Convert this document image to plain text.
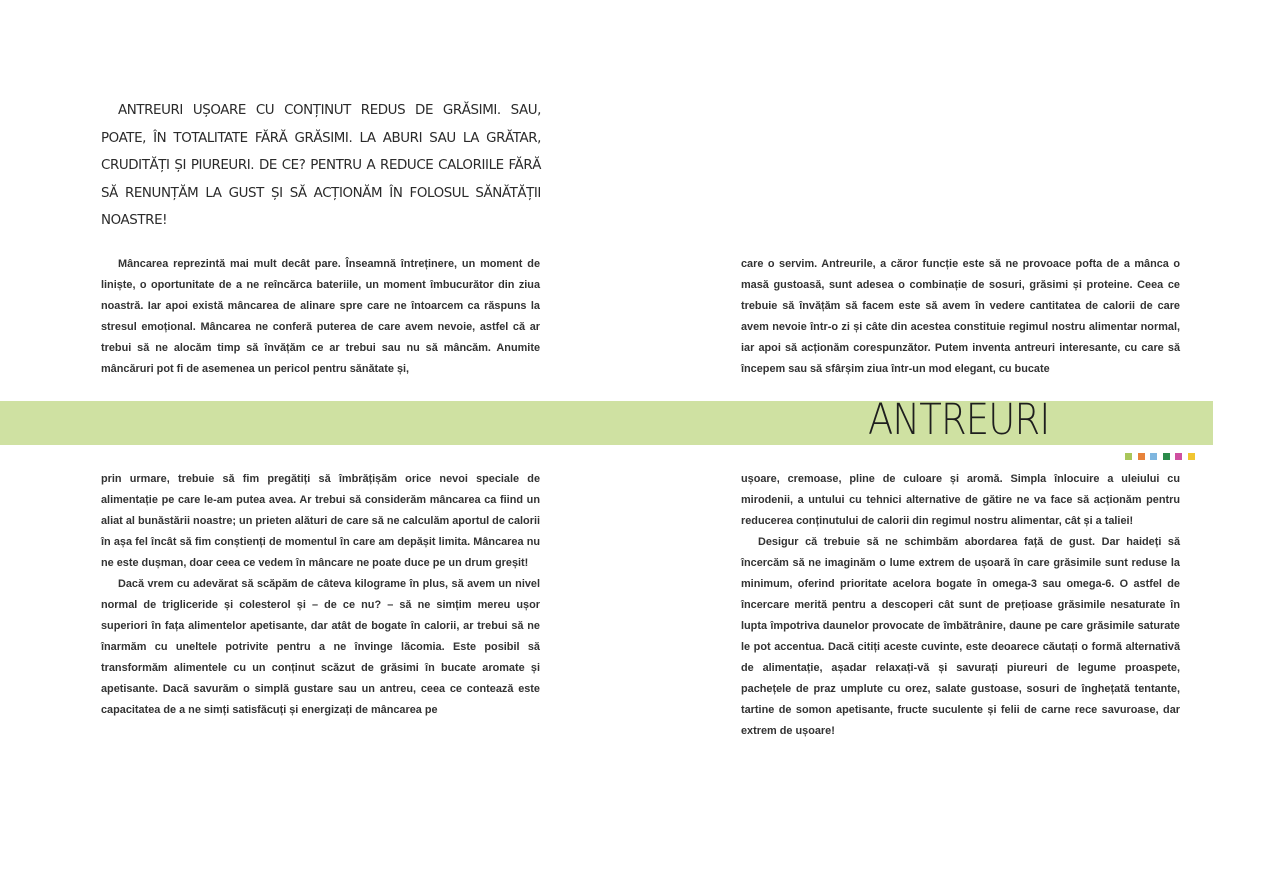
ANTREURI UȘOARE CU CONȚINUT REDUS DE GRĂSIMI. SAU, POATE, ÎN TOTALITATE FĂRĂ GRĂSIMI. LA ABURI SAU LA GRĂTAR, CRUDITĂȚI ȘI PIUREURI. DE CE? PENTRU A REDUCE CALORIILE FĂRĂ SĂ RENUNȚĂM LA GUST ȘI SĂ ACȚIONĂM ÎN FOLOSUL SĂNĂTĂȚII NOASTRE!

Mâncarea reprezintă mai mult decât pare. Înseamnă întreținere, un moment de liniște, o oportunitate de a ne reîncărca bateriile, un moment îmbucurător din ziua noastră. Iar apoi există mâncarea de alinare spre care ne întoarcem ca răspuns la stresul emoțional. Mâncarea ne conferă puterea de care avem nevoie, astfel că ar trebui să ne alocăm timp să învățăm ce ar trebui sau nu să mâncăm. Anumite mâncăruri pot fi de asemenea un pericol pentru sănătate și,

care o servim. Antreurile, a căror funcție este să ne provoace pofta de a mânca o masă gustoasă, sunt adesea o combinație de sosuri, grăsimi și proteine. Ceea ce trebuie să învățăm să facem este să avem în vedere cantitatea de calorii de care avem nevoie într-o zi și câte din acestea constituie regimul nostru alimentar normal, iar apoi să acționăm corespunzător. Putem inventa antreuri interesante, cu care să începem sau să sfârșim ziua într-un mod elegant, cu bucate

ANTREURI

prin urmare, trebuie să fim pregătiți să îmbrățișăm orice nevoi speciale de alimentație pe care le-am putea avea. Ar trebui să considerăm mâncarea ca fiind un aliat al bunăstării noastre; un prieten alături de care să ne calculăm aportul de calorii în așa fel încât să fim conștienți de momentul în care am depășit limita. Mâncarea nu ne este dușman, doar ceea ce vedem în mâncare ne poate duce pe un drum greșit!

Dacă vrem cu adevărat să scăpăm de câteva kilograme în plus, să avem un nivel normal de trigliceride și colesterol și – de ce nu? – să ne simțim mereu ușor superiori în fața alimentelor apetisante, dar atât de bogate în calorii, ar trebui să ne înarmăm cu uneltele potrivite pentru a ne învinge lăcomia. Este posibil să transformăm alimentele cu un conținut scăzut de grăsimi în bucate aromate și apetisante. Dacă savurăm o simplă gustare sau un antreu, ceea ce contează este capacitatea de a ne simți satisfăcuți și energizați de mâncarea pe

ușoare, cremoase, pline de culoare și aromă. Simpla înlocuire a uleiului cu mirodenii, a untului cu tehnici alternative de gătire ne va face să acționăm pentru reducerea conținutului de calorii din regimul nostru alimentar, cât și a taliei!

Desigur că trebuie să ne schimbăm abordarea față de gust. Dar haideți să încercăm să ne imaginăm o lume extrem de ușoară în care grăsimile sunt reduse la minimum, oferind prioritate acelora bogate în omega-3 sau omega-6. O astfel de încercare merită pentru a descoperi cât sunt de prețioase grăsimile nesaturate în lupta împotriva daunelor provocate de îmbătrânire, daune pe care grăsimile saturate le pot accentua. Dacă citiți aceste cuvinte, este deoarece căutați o formă alternativă de alimentație, așadar relaxați-vă și savurați piureuri de legume proaspete, pachețele de praz umplute cu orez, salate gustoase, sosuri de înghețată tentante, tartine de somon apetisante, fructe suculente și felii de carne rece savuroase, dar extrem de ușoare!
